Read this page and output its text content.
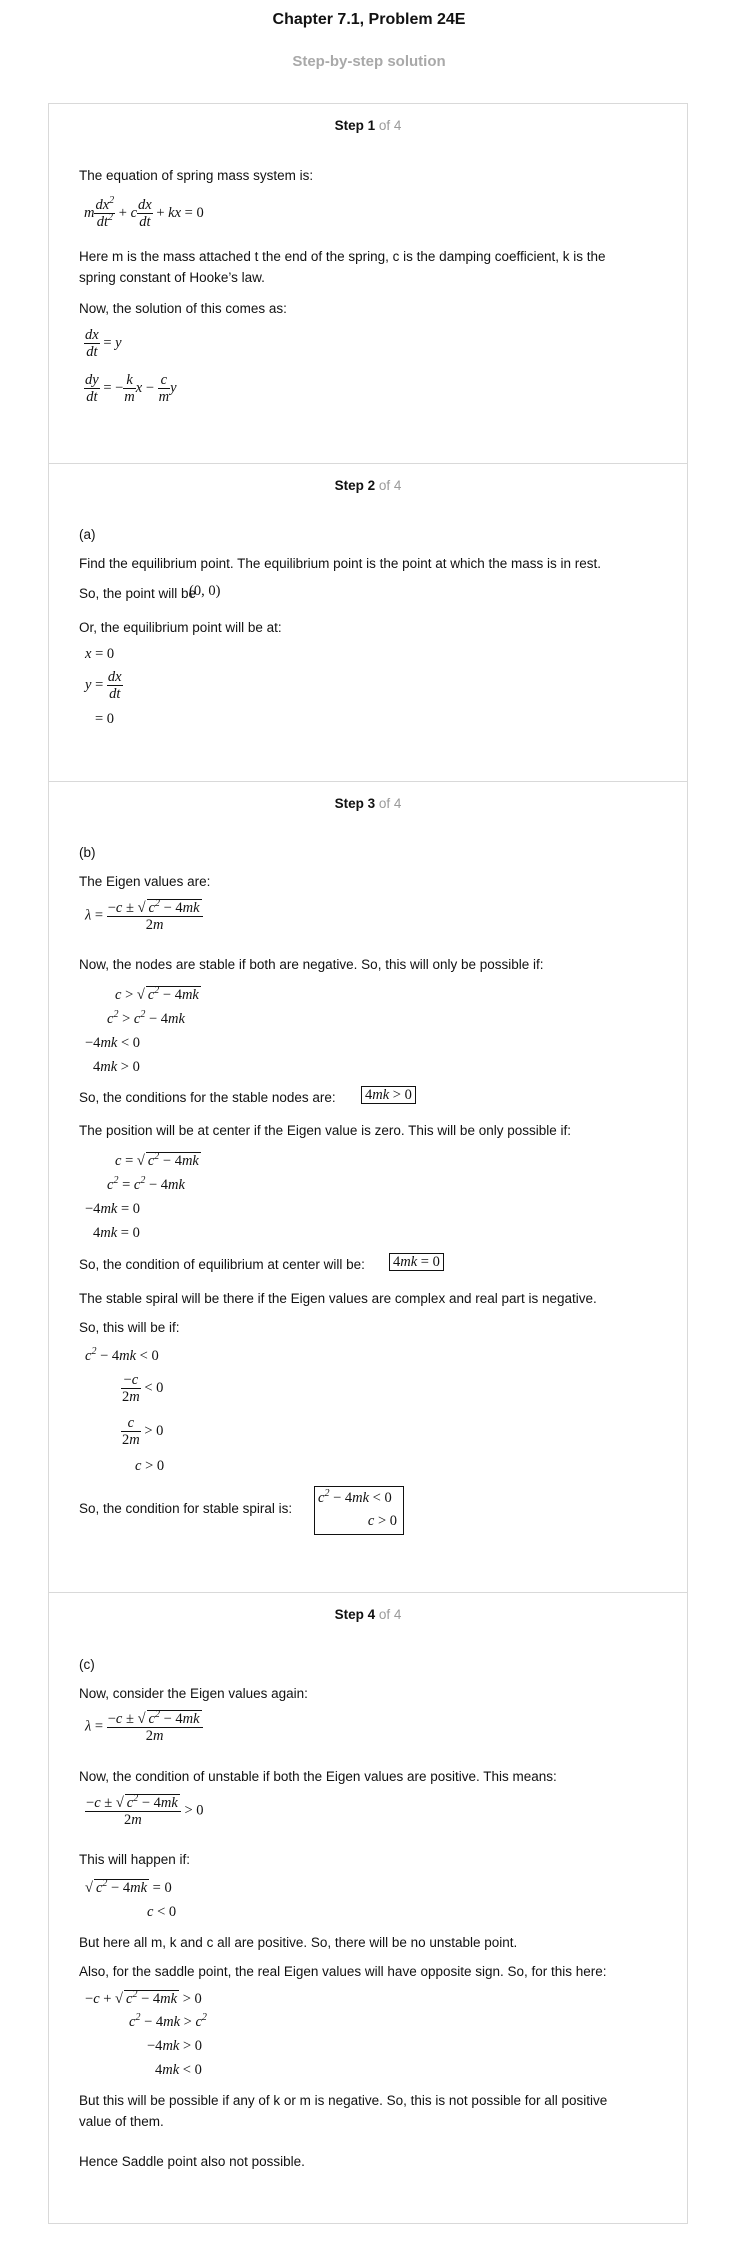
Chapter 7.1, Problem 24E
Step-by-step solution
Step 1 of 4
The equation of spring mass system is:
m $\frac{dx^2}{dt^2} + c \frac{dx}{dt}$ + kx = 0
Here m is the mass attached t the end of the spring, c is the damping coefficient, k is the spring constant of Hooke’s law.
Now, the solution of this comes as:
$\frac{dx}{dt} = y$
$\frac{dy}{dt}$ = − $\frac{k}{m}$ $x - \frac{c}{m}$ y
Step 2 of 4
(a)
Find the equilibrium point. The equilibrium point is the point at which the mass is in rest.
So, the point will be
(0, 0)
Or, the equilibrium point will be at:
x = 0
$y = \frac{dx}{dt}$
= 0
Step 3 of 4
(b)
The Eigen values are:
$\lambda = \frac{-c \pm √ c^2 - 4mk}{2m}$
Now, the nodes are stable if both are negative. So, this will only be possible if:
c > √ $c^2 - 4mk$
$c^2 > c^2 - 4mk$
−4mk < 0
4mk > 0
So, the conditions for the stable nodes are: 4mk > 0
The position will be at center if the Eigen value is zero. This will be only possible if:
c = √ $c^2 - 4mk$
$c^2 = c^2 - 4mk$
−4mk = 0
4mk = 0
So, the condition of equilibrium at center will be: 4mk = 0
The stable spiral will be there if the Eigen values are complex and real part is negative.
So, this will be if:
$c^2 - 4mk < 0$
$\frac{-c}{2m} < 0$
$\frac{c}{2m} > 0$
c > 0
So, the condition for stable spiral is:
$c^2 - 4mk < 0$
c > 0
Step 4 of 4
(c)
Now, consider the Eigen values again:
$\lambda = \frac{-c \pm √ c^2 - 4mk}{2m}$
Now, the condition of unstable if both the Eigen values are positive. This means:
$\frac{-c \pm √ c^2 - 4mk}{2m} > 0$
This will happen if:
√ $c^2 - 4mk = 0$
c < 0
But here all m, k and c all are positive. So, there will be no unstable point.
Also, for the saddle point, the real Eigen values will have opposite sign. So, for this here:
−c + √ $c^2 - 4mk > 0$
$c^2 - 4mk > c^2$
−4mk > 0
4mk < 0
But this will be possible if any of k or m is negative. So, this is not possible for all positive value of them.
Hence Saddle point also not possible.
